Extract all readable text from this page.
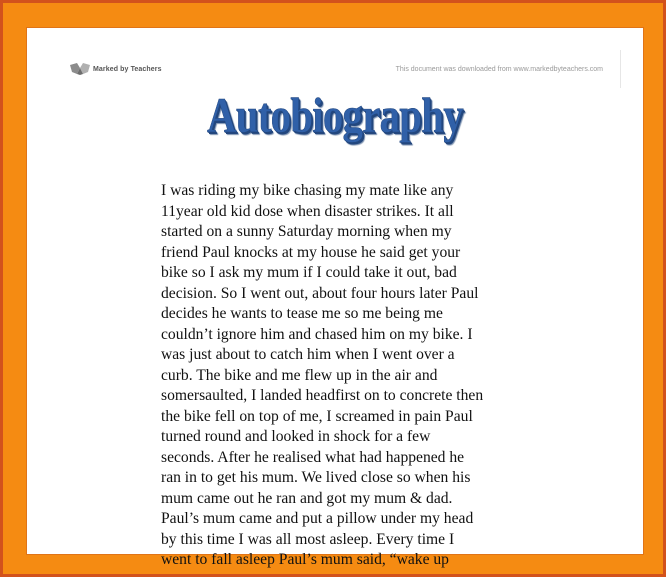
Marked by Teachers	This document was downloaded from www.markedbyteachers.com
Autobiography
I was riding my bike chasing my mate like any
11year old kid dose when disaster strikes. It all
started on a sunny Saturday morning when my
friend Paul knocks at my house he said get your
bike so I ask my mum if I could take it out, bad
decision. So I went out, about four hours later Paul
decides he wants to tease me so me being me
couldn’t ignore him and chased him on my bike. I
was just about to catch him when I went over a
curb. The bike and me flew up in the air and
somersaulted, I landed headfirst on to concrete then
the bike fell on top of me, I screamed in pain Paul
turned round and looked in shock for a few
seconds. After he realised what had happened he
ran in to get his mum. We lived close so when his
mum came out he ran and got my mum & dad.
Paul’s mum came and put a pillow under my head
by this time I was all most asleep. Every time I
went to fall asleep Paul’s mum said, “wake up
